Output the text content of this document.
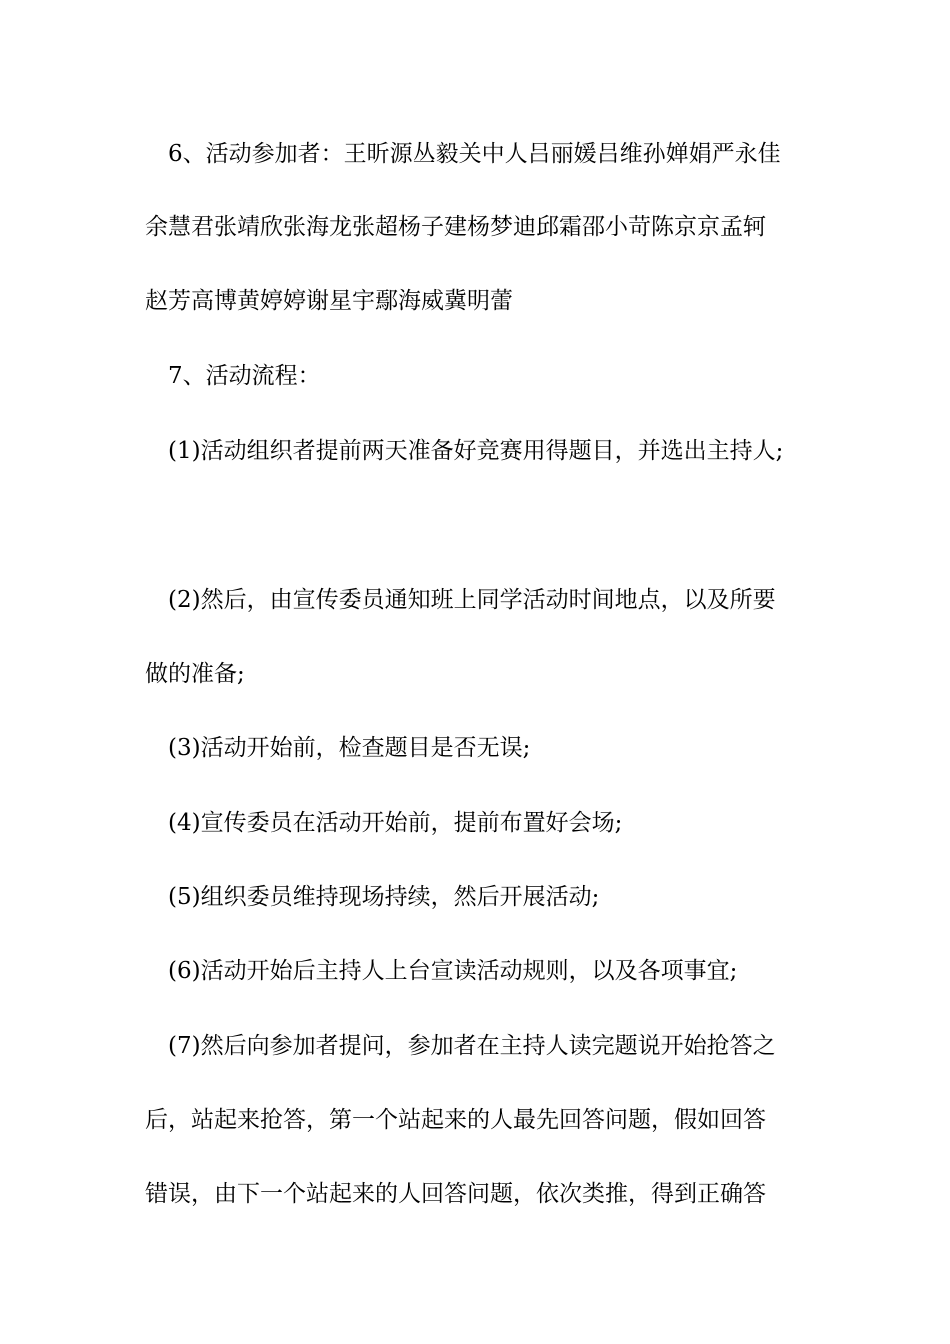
6、活动参加者：王昕源丛毅关中人吕丽媛吕维孙婵娟严永佳
余慧君张靖欣张海龙张超杨子建杨梦迪邱霜邵小苛陈京京孟轲
赵芳高博黄婷婷谢星宇鄢海威冀明蕾
7、活动流程：
(1)活动组织者提前两天准备好竞赛用得题目，并选出主持人;
(2)然后，由宣传委员通知班上同学活动时间地点，以及所要
做的准备;
(3)活动开始前，检查题目是否无误;
(4)宣传委员在活动开始前，提前布置好会场;
(5)组织委员维持现场持续，然后开展活动;
(6)活动开始后主持人上台宣读活动规则，以及各项事宜;
(7)然后向参加者提问，参加者在主持人读完题说开始抢答之
后，站起来抢答，第一个站起来的人最先回答问题，假如回答
错误，由下一个站起来的人回答问题，依次类推，得到正确答
